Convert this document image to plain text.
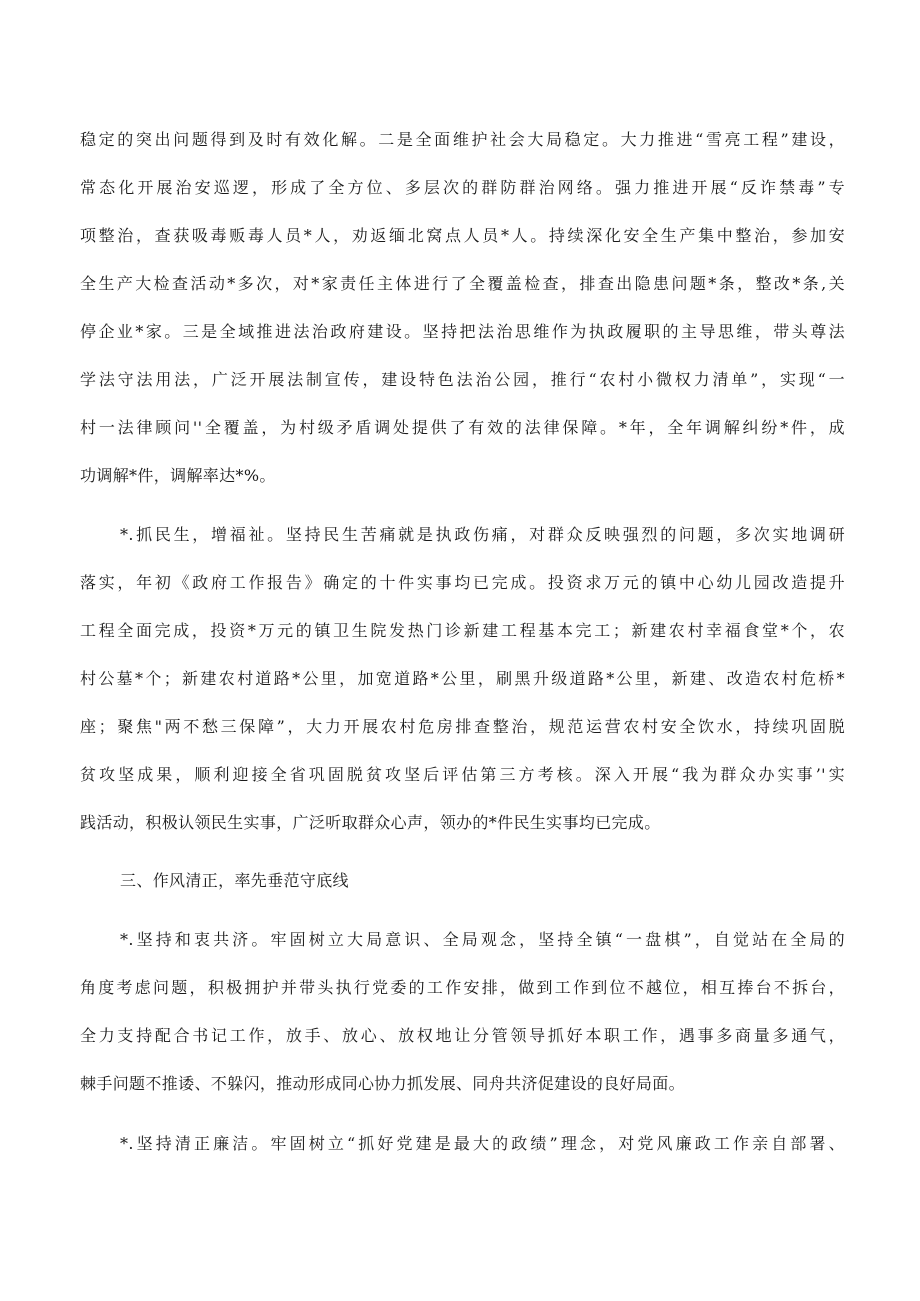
稳定的突出问题得到及时有效化解。二是全面维护社会大局稳定。大力推进“雪亮工程”建设，
常态化开展治安巡逻，形成了全方位、多层次的群防群治网络。强力推进开展“反诈禁毒”专
项整治，查获吸毒贩毒人员*人，劝返缅北窝点人员*人。持续深化安全生产集中整治，参加安
全生产大检查活动*多次，对*家责任主体进行了全覆盖检查，排查出隐患问题*条，整改*条,关
停企业*家。三是全域推进法治政府建设。坚持把法治思维作为执政履职的主导思维，带头尊法
学法守法用法，广泛开展法制宣传，建设特色法治公园，推行“农村小微权力清单”，实现“一
村一法律顾问''全覆盖，为村级矛盾调处提供了有效的法律保障。*年，全年调解纠纷*件，成
功调解*件，调解率达*%。
*.抓民生，增福祉。坚持民生苦痛就是执政伤痛，对群众反映强烈的问题，多次实地调研
落实，年初《政府工作报告》确定的十件实事均已完成。投资求万元的镇中心幼儿园改造提升
工程全面完成，投资*万元的镇卫生院发热门诊新建工程基本完工；新建农村幸福食堂*个，农
村公墓*个；新建农村道路*公里，加宽道路*公里，刷黑升级道路*公里，新建、改造农村危桥*
座；聚焦"两不愁三保障”，大力开展农村危房排查整治，规范运营农村安全饮水，持续巩固脱
贫攻坚成果，顺利迎接全省巩固脱贫攻坚后评估第三方考核。深入开展“我为群众办实事’'实
践活动，积极认领民生实事，广泛听取群众心声，领办的*件民生实事均已完成。
三、作风清正，率先垂范守底线
*.坚持和衷共济。牢固树立大局意识、全局观念，坚持全镇“一盘棋”，自觉站在全局的
角度考虑问题，积极拥护并带头执行党委的工作安排，做到工作到位不越位，相互捧台不拆台，
全力支持配合书记工作，放手、放心、放权地让分管领导抓好本职工作，遇事多商量多通气，
棘手问题不推诿、不躲闪，推动形成同心协力抓发展、同舟共济促建设的良好局面。
*.坚持清正廉洁。牢固树立“抓好党建是最大的政绩”理念，对党风廉政工作亲自部署、
